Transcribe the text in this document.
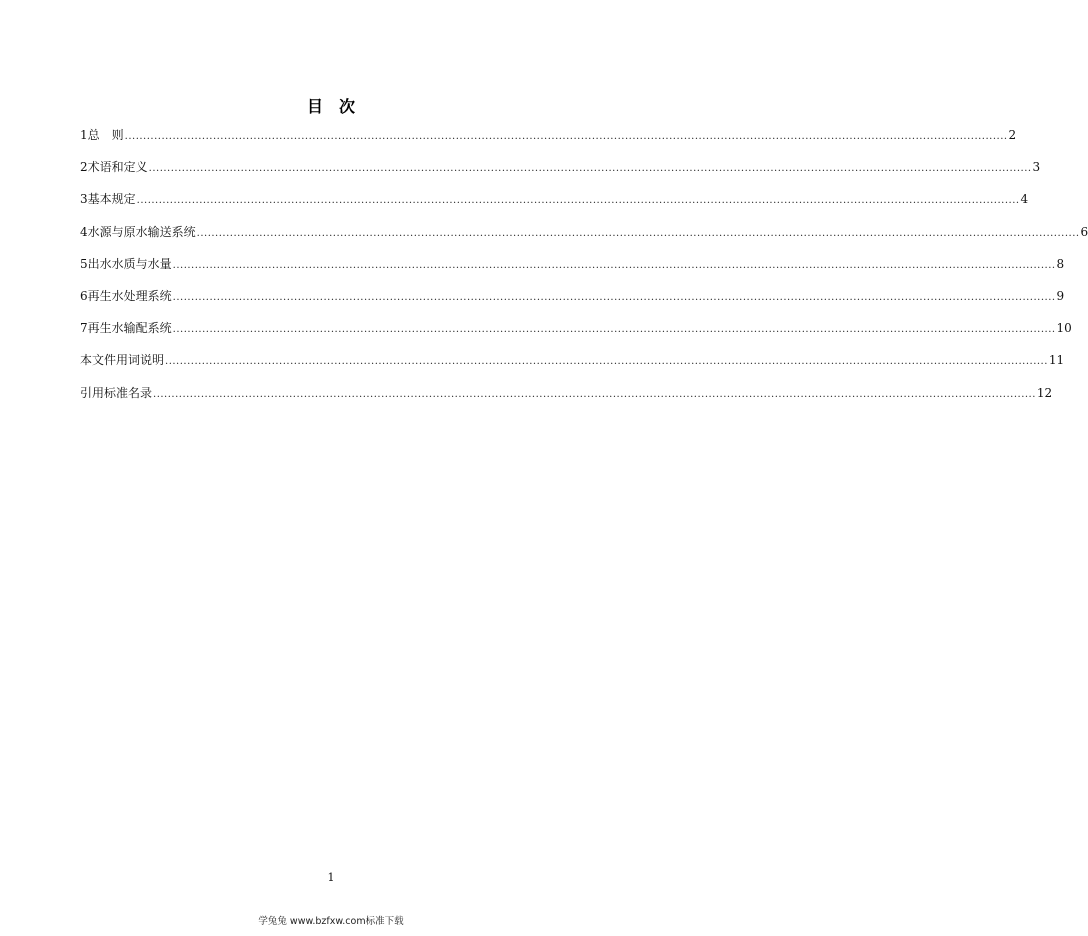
目　次
1 总　则 ................................................................................................................................................................................................................................................ 2
2 术语和定义 ................................................................................................................................................................................................................................................ 3
3 基本规定 ................................................................................................................................................................................................................................................ 4
4 水源与原水输送系统 ................................................................................................................................................................................................................................................ 6
5 出水水质与水量 ................................................................................................................................................................................................................................................ 8
6 再生水处理系统 ................................................................................................................................................................................................................................................ 9
7 再生水输配系统 ................................................................................................................................................................................................................................................ 10
本文件用词说明 ................................................................................................................................................................................................................................................ 11
引用标准名录 ................................................................................................................................................................................................................................................ 12
1
学兔兔 www.bzfxw.com标准下载
